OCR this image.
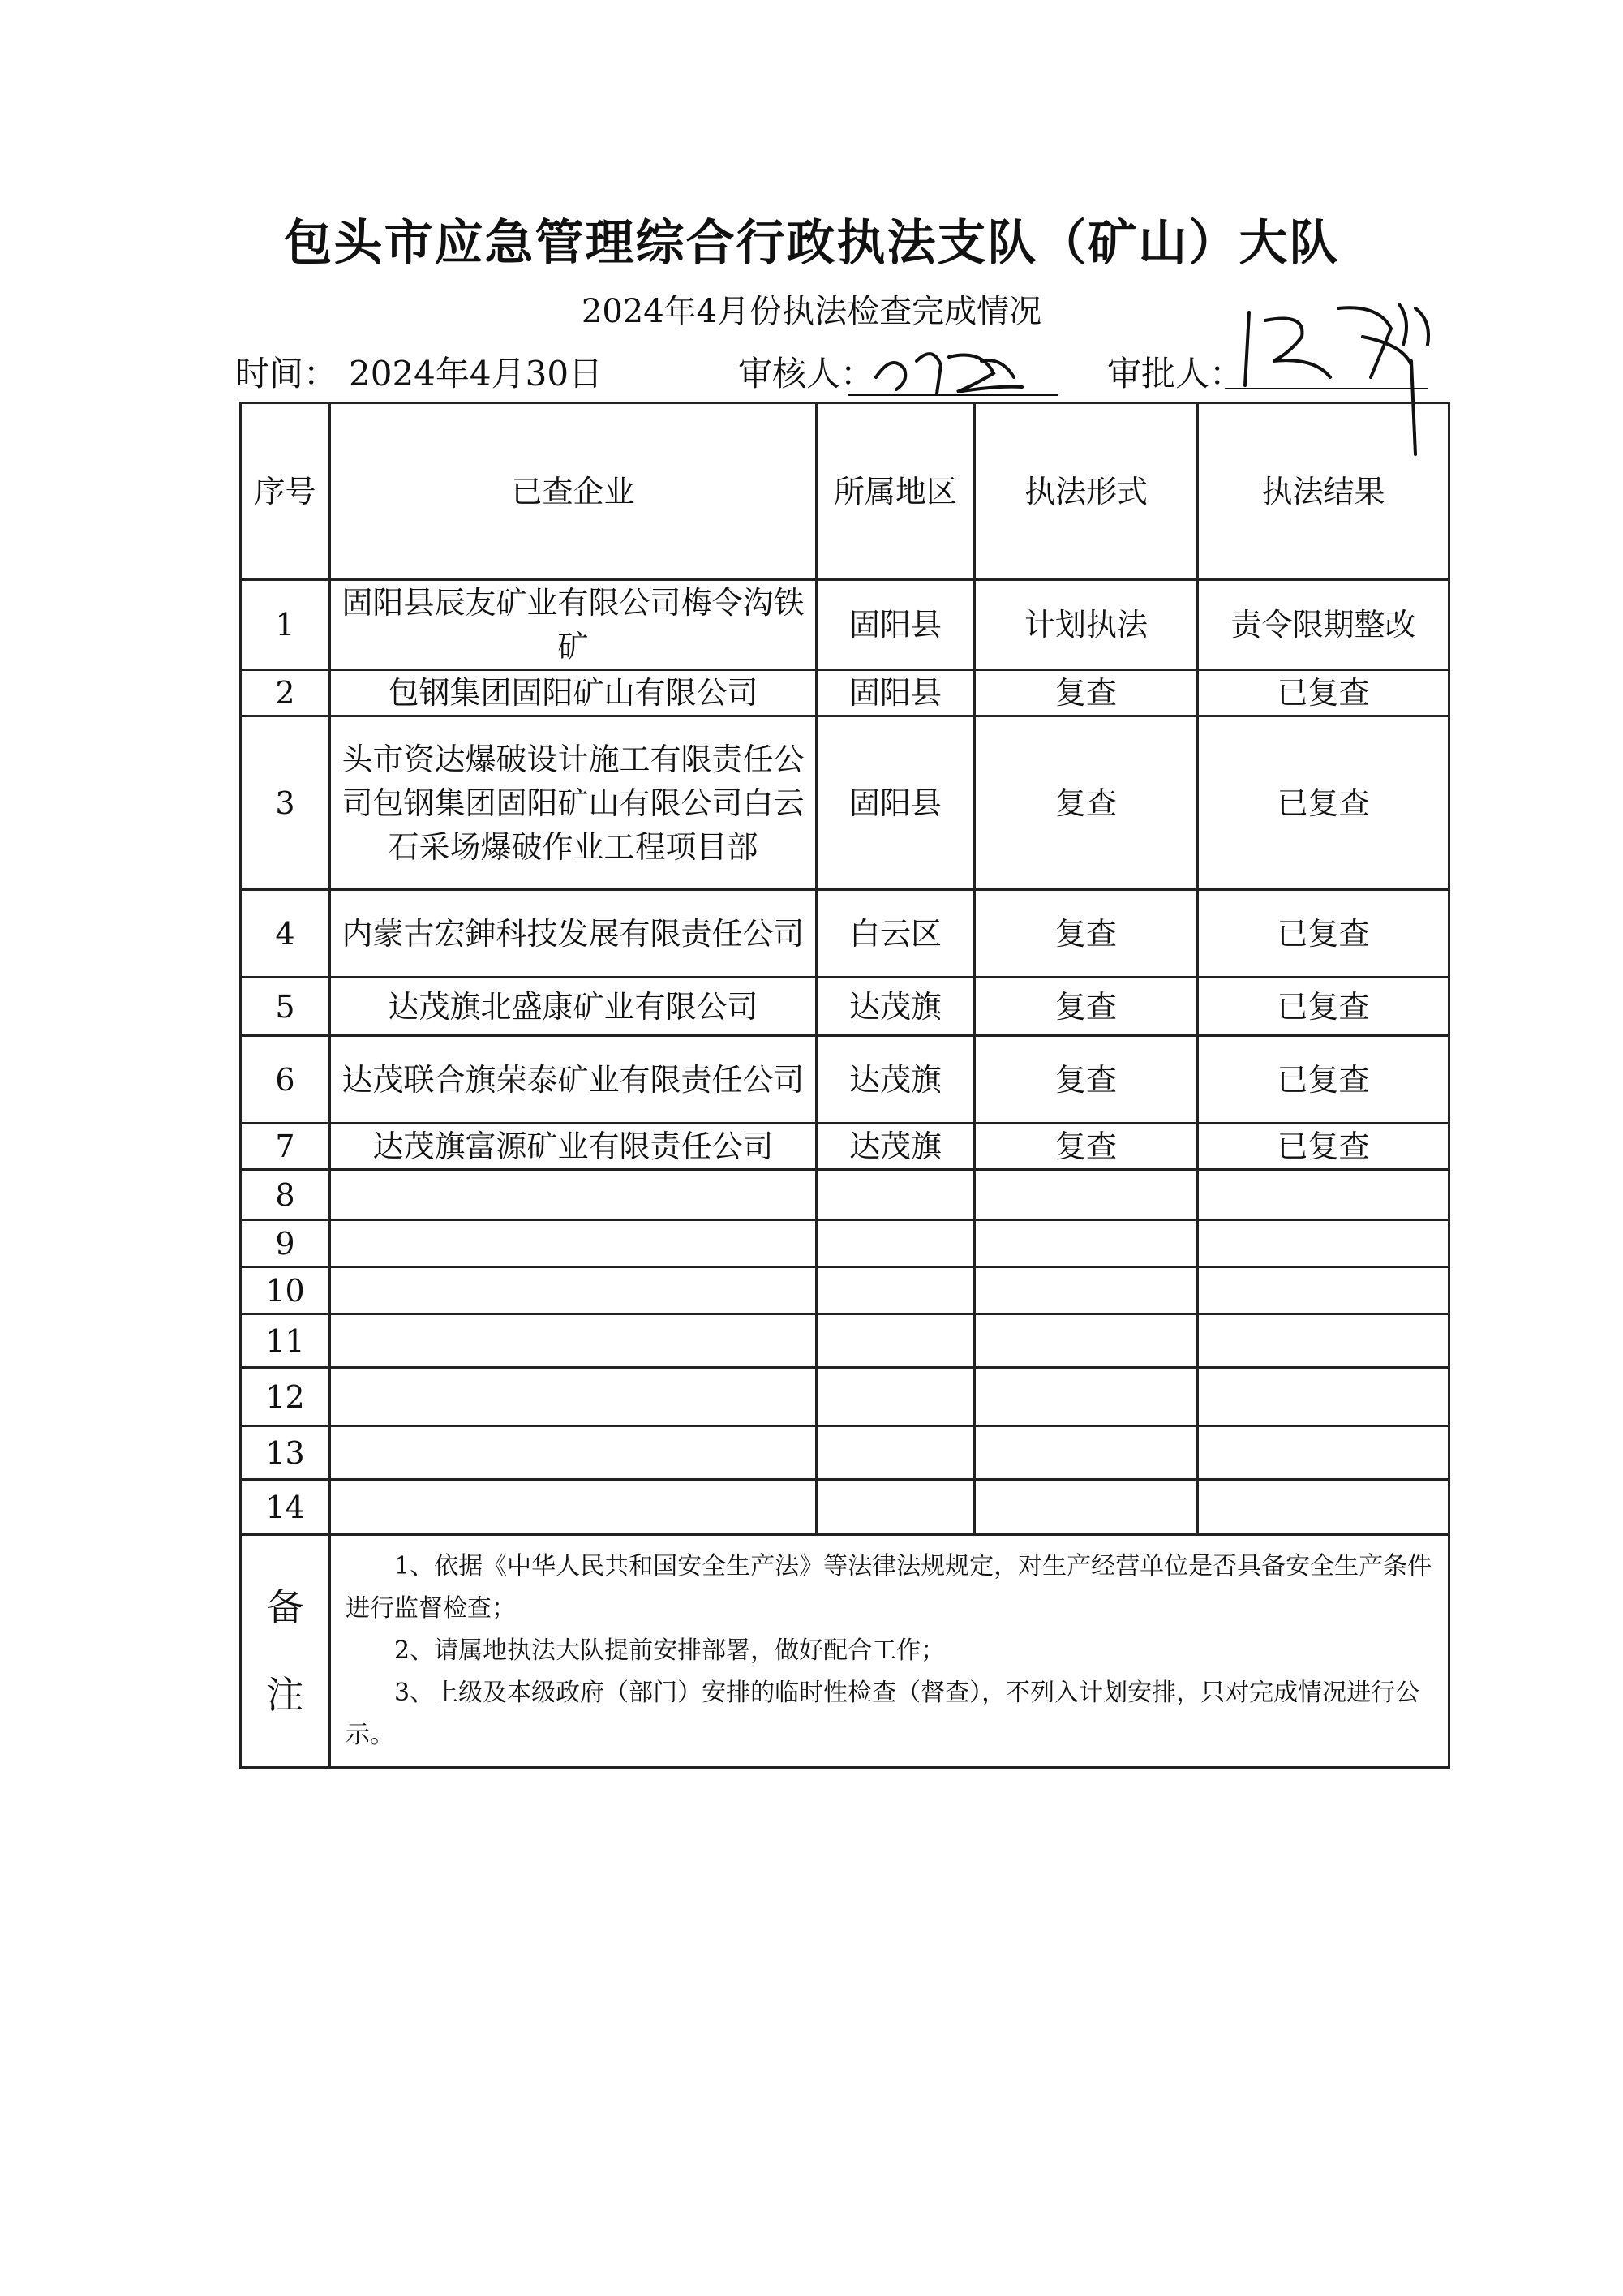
包头市应急管理综合行政执法支队（矿山）大队
2024年4月份执法检查完成情况
时间： 2024年4月30日	审核人：	审批人：
序号	已查企业	所属地区	执法形式	执法结果
1	固阳县辰友矿业有限公司梅令沟铁矿	固阳县	计划执法	责令限期整改
2	包钢集团固阳矿山有限公司	固阳县	复查	已复查
3	头市资达爆破设计施工有限责任公司包钢集团固阳矿山有限公司白云石采场爆破作业工程项目部	固阳县	复查	已复查
4	内蒙古宏鉮科技发展有限责任公司	白云区	复查	已复查
5	达茂旗北盛康矿业有限公司	达茂旗	复查	已复查
6	达茂联合旗荣泰矿业有限责任公司	达茂旗	复查	已复查
7	达茂旗富源矿业有限责任公司	达茂旗	复查	已复查
8				
9				
10				
11				
12				
13				
14				
备注	1、依据《中华人民共和国安全生产法》等法律法规规定，对生产经营单位是否具备安全生产条件进行监督检查；

2、请属地执法大队提前安排部署，做好配合工作；

3、上级及本级政府（部门）安排的临时性检查（督查），不列入计划安排，只对完成情况进行公示。			
